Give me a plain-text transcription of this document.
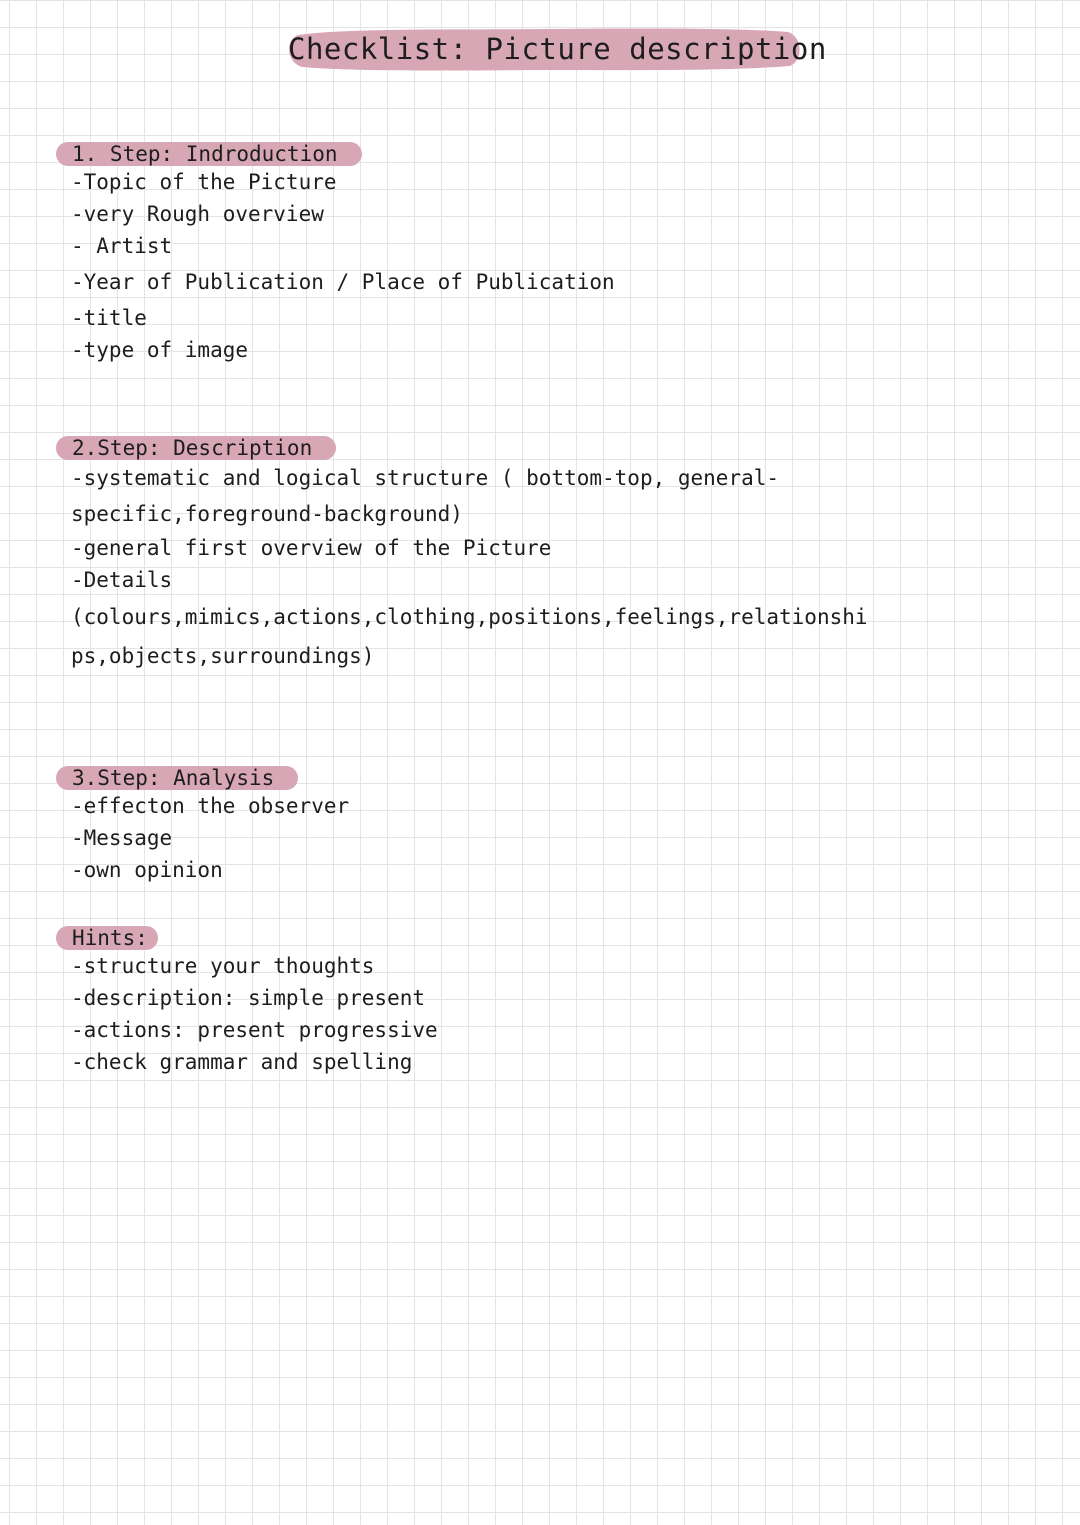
Checklist: Picture description
1. Step: Indroduction
-Topic of the Picture
-very Rough overview
- Artist
-Year of Publication / Place of Publication
-title
-type of image
2.Step: Description
-systematic and logical structure ( bottom-top, general-
specific,foreground-background)
-general first overview of the Picture
-Details
(colours,mimics,actions,clothing,positions,feelings,relationshi
ps,objects,surroundings)
3.Step: Analysis
-effecton the observer
-Message
-own opinion
Hints:
-structure your thoughts
-description: simple present
-actions: present progressive
-check grammar and spelling
